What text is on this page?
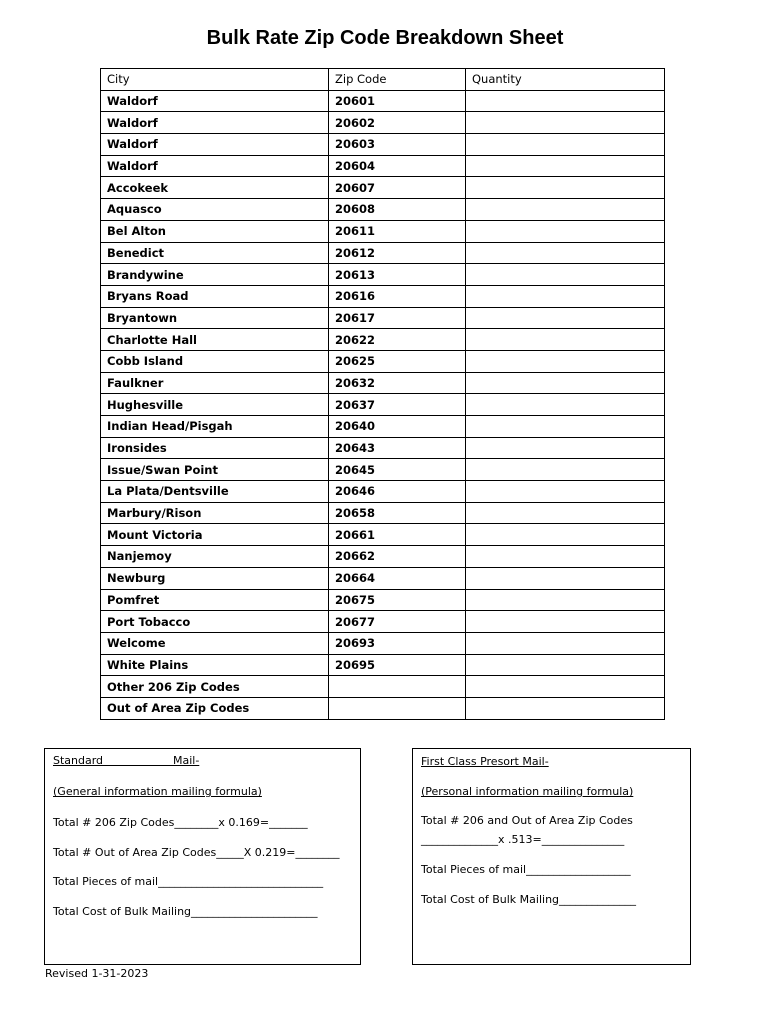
Bulk Rate Zip Code Breakdown Sheet
City	Zip Code	Quantity
Waldorf	20601	
Waldorf	20602	
Waldorf	20603	
Waldorf	20604	
Accokeek	20607	
Aquasco	20608	
Bel Alton	20611	
Benedict	20612	
Brandywine	20613	
Bryans Road	20616	
Bryantown	20617	
Charlotte Hall	20622	
Cobb Island	20625	
Faulkner	20632	
Hughesville	20637	
Indian Head/Pisgah	20640	
Ironsides	20643	
Issue/Swan Point	20645	
La Plata/Dentsville	20646	
Marbury/Rison	20658	
Mount Victoria	20661	
Nanjemoy	20662	
Newburg	20664	
Pomfret	20675	
Port Tobacco	20677	
Welcome	20693	
White Plains	20695	
Other 206 Zip Codes		
Out of Area Zip Codes		
Standard                    Mail-
(General information mailing formula)
Total # 206 Zip Codes________x 0.169=_______
Total # Out of Area Zip Codes_____X 0.219=________
Total Pieces of mail______________________________
Total Cost of Bulk Mailing_______________________
First Class Presort Mail-
(Personal information mailing formula)
Total # 206 and Out of Area Zip Codes
______________x .513=_______________
Total Pieces of mail___________________
Total Cost of Bulk Mailing______________
Revised 1-31-2023
